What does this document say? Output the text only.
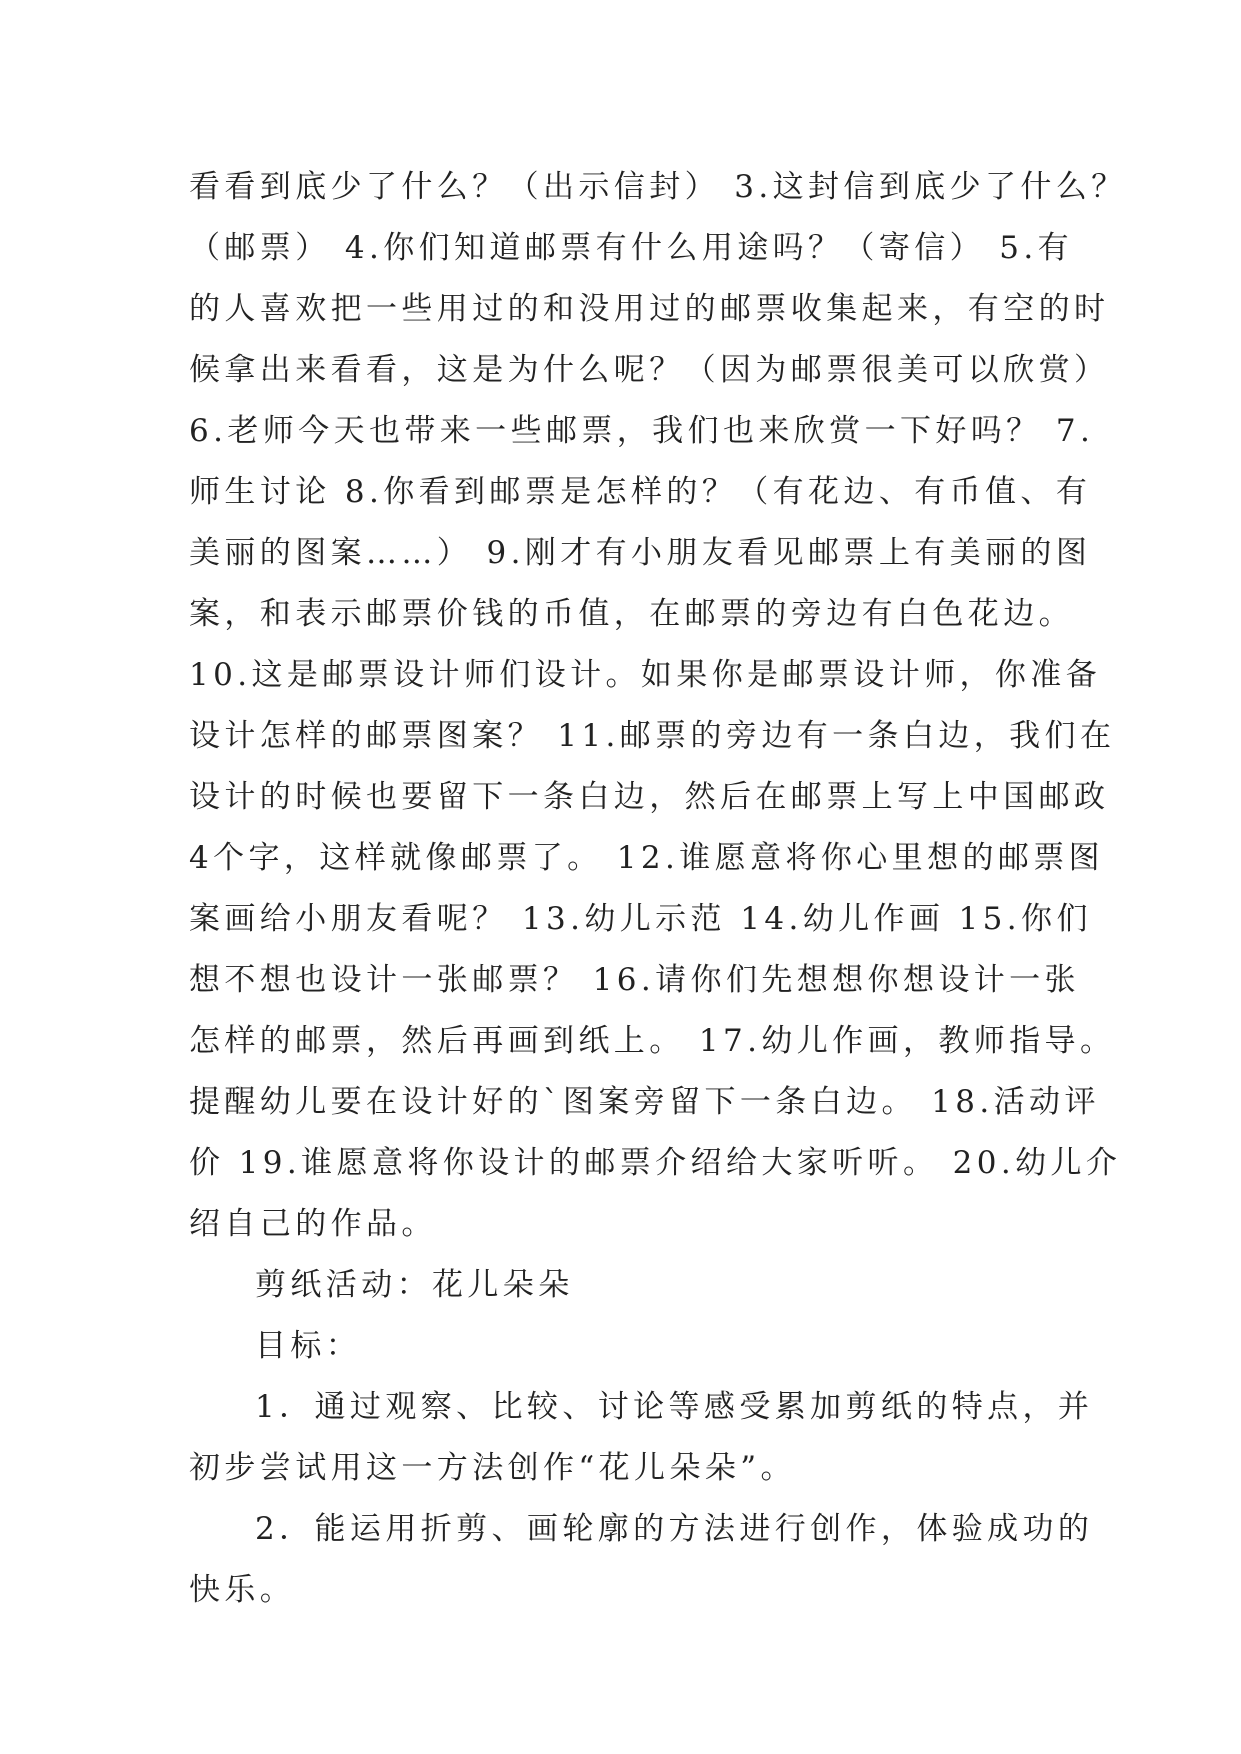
看看到底少了什么？（出示信封） 3.这封信到底少了什么？
（邮票） 4.你们知道邮票有什么用途吗？（寄信） 5.有
的人喜欢把一些用过的和没用过的邮票收集起来，有空的时
候拿出来看看，这是为什么呢？（因为邮票很美可以欣赏）
6.老师今天也带来一些邮票，我们也来欣赏一下好吗？ 7.
师生讨论 8.你看到邮票是怎样的？（有花边、有币值、有
美丽的图案……） 9.刚才有小朋友看见邮票上有美丽的图
案，和表示邮票价钱的币值，在邮票的旁边有白色花边。
10.这是邮票设计师们设计。如果你是邮票设计师，你准备
设计怎样的邮票图案？ 11.邮票的旁边有一条白边，我们在
设计的时候也要留下一条白边，然后在邮票上写上中国邮政
4个字，这样就像邮票了。 12.谁愿意将你心里想的邮票图
案画给小朋友看呢？ 13.幼儿示范 14.幼儿作画 15.你们
想不想也设计一张邮票？ 16.请你们先想想你想设计一张
怎样的邮票，然后再画到纸上。 17.幼儿作画，教师指导。
提醒幼儿要在设计好的`图案旁留下一条白边。 18.活动评
价 19.谁愿意将你设计的邮票介绍给大家听听。 20.幼儿介
绍自己的作品。
剪纸活动：花儿朵朵
目标：
1．通过观察、比较、讨论等感受累加剪纸的特点，并
初步尝试用这一方法创作“花儿朵朵”。
2．能运用折剪、画轮廓的方法进行创作，体验成功的
快乐。
